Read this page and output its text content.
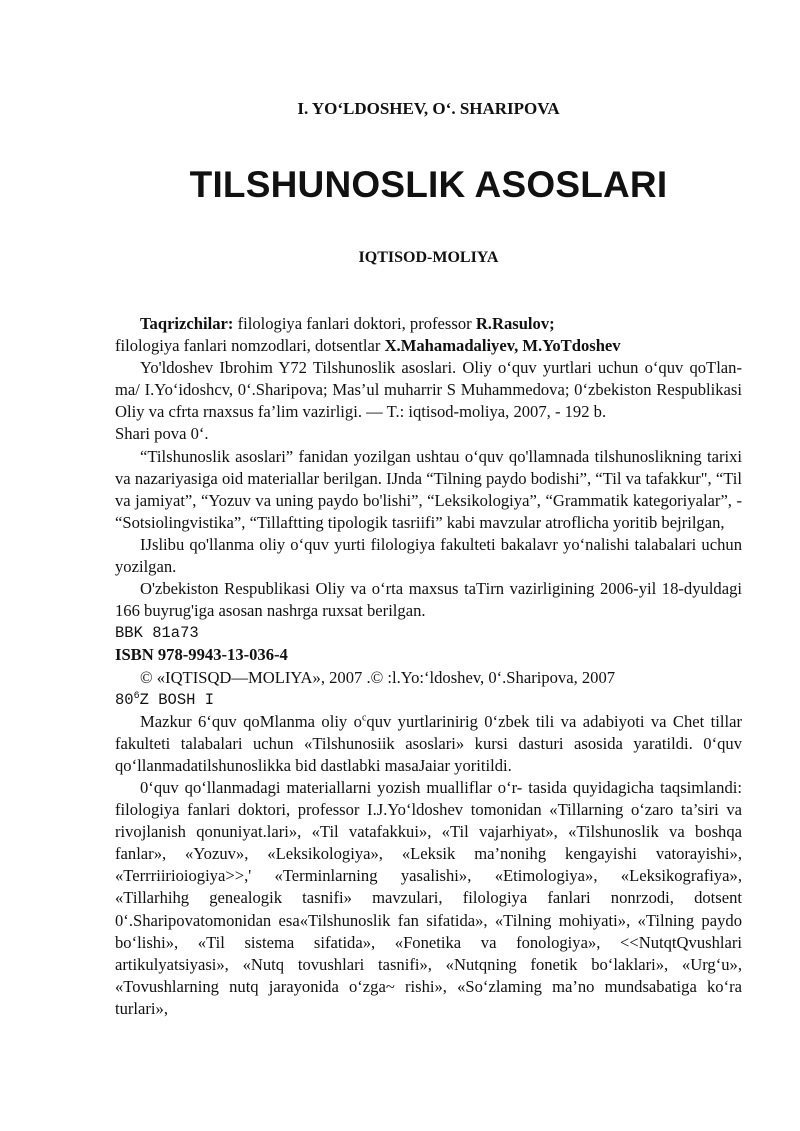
I. YO‘LDOSHEV, O‘. SHARIPOVA
TILSHUNOSLIK ASOSLARI
IQTISOD-MOLIYA

Taqrizchilar: filologiya fanlari doktori, professor R.Rasulov;

filologiya fanlari nomzodlari, dotsentlar X.Mahamadaliyev, M.YoTdoshev

Yo'ldoshev Ibrohim Y72 Tilshunoslik asoslari. Oliy o‘quv yurtlari uchun o‘quv qoTlan- ma/ I.Yo‘idoshcv, 0‘.Sharipova; Mas’ul muharrir S Muhammedova; 0‘zbekiston Respublikasi Oliy va cfrta rnaxsus fa’lim vazirligi. — T.: iqtisod-moliya, 2007, - 192 b.

Shari pova 0‘.

“Tilshunoslik asoslari” fanidan yozilgan ushtau o‘quv qo'llamnada tilshunoslikning tarixi va nazariyasiga oid materiallar berilgan. IJnda “Tilning paydo bodishi”, “Til va tafakkur", “Til va jamiyat”, “Yozuv va uning paydo bo'lishi”, “Leksikologiya”, “Grammatik kategoriyalar”, - “Sotsiolingvistika”, “Tillaftting tipologik tasriifi” kabi mavzular atroflicha yoritib bejrilgan,

IJslibu qo'llanma oliy o‘quv yurti filologiya fakulteti bakalavr yo‘nalishi talabalari uchun yozilgan.

O'zbekiston Respublikasi Oliy va o‘rta maxsus taTirn vazirligining 2006-yil 18-dyuldagi 166 buyrug'iga asosan nashrga ruxsat berilgan.

BBK 81a73

ISBN 978-9943-13-036-4

© «IQTISQD—MOLIYA», 2007 .© :l.Yo:‘ldoshev, 0‘.Sharipova, 2007

$80^6Z$ BOSH I

Mazkur 6‘quv qoMlanma oliy $o^cquv$ yurtlarinirig 0‘zbek tili va adabiyoti va Chet tillar fakulteti talabalari uchun «Tilshunosiik asoslari» kursi dasturi asosida yaratildi. 0‘quv qo‘llanmadatilshunoslikka bid dastlabki masaJaiar yoritildi.

0‘quv qo‘llanmadagi materiallarni yozish mualliflar o‘r- tasida quyidagicha taqsimlandi: filologiya fanlari doktori, professor I.J.Yo‘ldoshev tomonidan «Tillarning o‘zaro ta’siri va rivojlanish qonuniyat.lari», «Til vatafakkui», «Til vajarhiyat», «Tilshunoslik va boshqa fanlar», «Yozuv», «Leksikologiya», «Leksik ma’nonihg kengayishi vatorayishi», «Terrriirioiogiya>>,' «Terminlarning yasalishi», «Etimologiya», «Leksikografiya», «Tillarhihg genealogik tasnifi» mavzulari, filologiya fanlari nonrzodi, dotsent 0‘.Sharipovatomonidan esa«Tilshunoslik fan sifatida», «Tilning mohiyati», «Tilning paydo bo‘lishi», «Til sistema sifatida», «Fonetika va fonologiya», <<NutqtQvushlari artikulyatsiyasi», «Nutq tovushlari tasnifi», «Nutqning fonetik bo‘laklari», «Urg‘u», «Tovushlarning nutq jarayonida o‘zga~ rishi», «So‘zlaming ma’no mundsabatiga ko‘ra turlari»,
